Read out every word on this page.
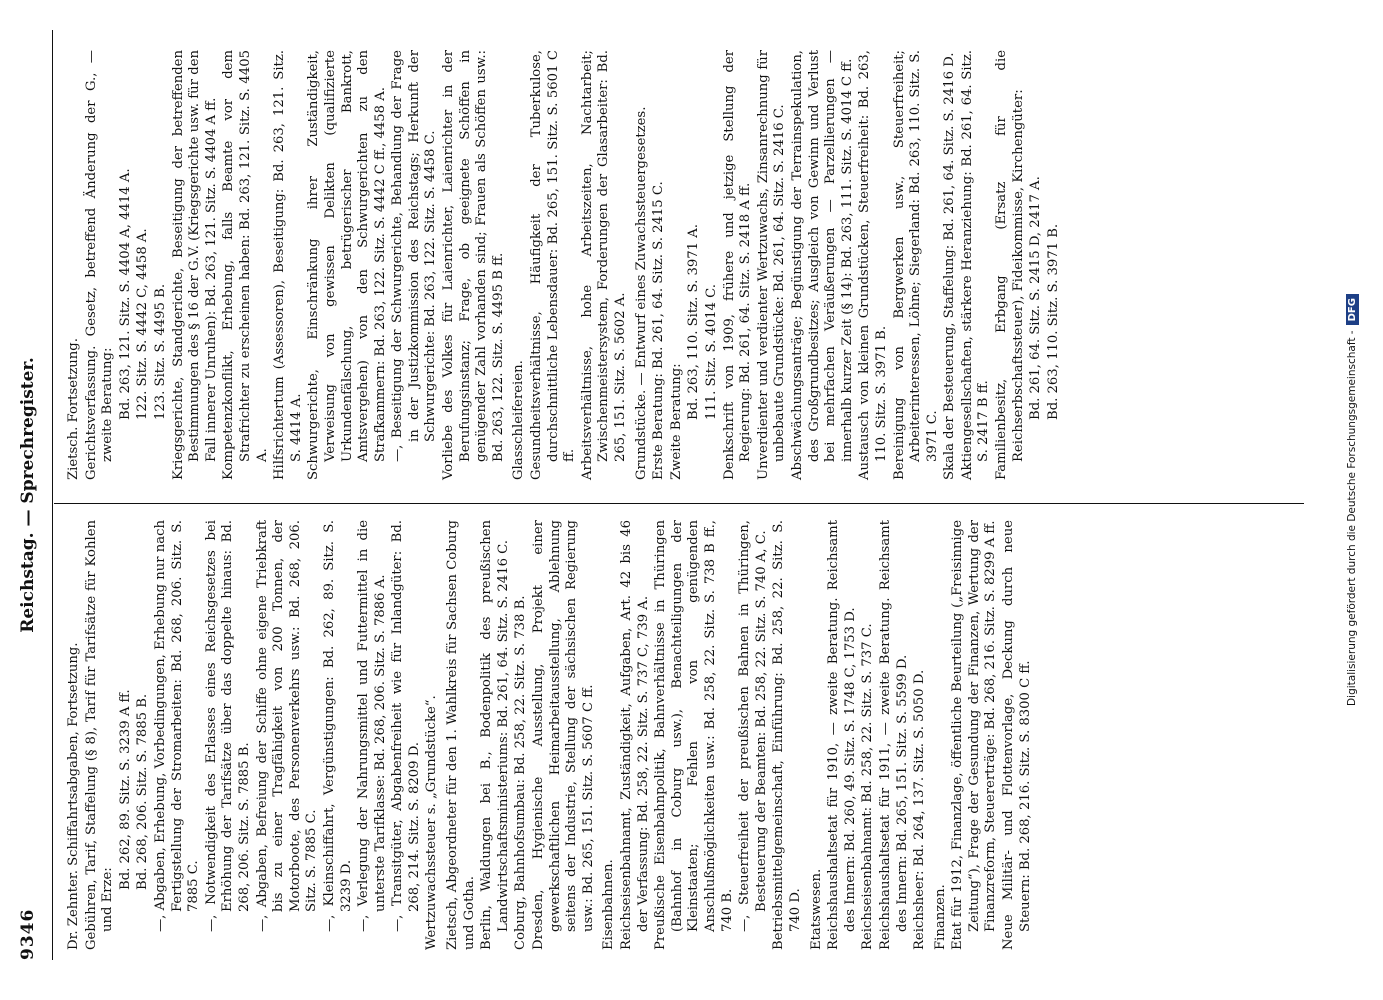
9346
Reichstag. — Sprechregister.

Dr. Zehnter. Schiffahrtsabgaben, Fortsetzung. Gebühren, Tarif, Staffelung (§ 8), Tarif für Tarifsätze für Kohlen und Erze:

Bd. 262, 89. Sitz. S. 3239 A ff. Bd. 268, 206. Sitz. S. 7885 B. —, Abgaben, Erhebung, Vorbedingungen, Erhebung nur nach Fertigstellung der Stromarbeiten: Bd. 268, 206. Sitz. S. 7885 C. —, Notwendigkeit des Erlasses eines Reichsgesetzes bei Erhöhung der Tarifsätze über das doppelte hinaus: Bd. 268, 206. Sitz. S. 7885 B. —, Abgaben, Befreiung der Schiffe ohne eigene Triebkraft bis zu einer Tragfähigkeit von 200 Tonnen, der Motorboote, des Personenverkehrs usw.: Bd. 268, 206. Sitz. S. 7885 C. —, Kleinschiffahrt, Vergünstigungen: Bd. 262, 89. Sitz. S. 3239 D. —, Verlegung der Nahrungsmittel und Futtermittel in die unterste Tarifklasse: Bd. 268, 206. Sitz. S. 7886 A. —, Transitgüter, Abgabenfreiheit wie für Inlandgüter: Bd. 268, 214. Sitz. S. 8209 D. Wertzuwachssteuer s. „Grundstücke“. Zietsch, Abgeordneter für den 1. Wahlkreis für Sachsen Coburg und Gotha. Berlin, Waldungen bei B., Bodenpolitik des preußischen Landwirtschaftsministeriums: Bd. 261, 64. Sitz. S. 2416 C. Coburg, Bahnhofsumbau: Bd. 258, 22. Sitz. S. 738 B. Dresden, Hygienische Ausstellung, Projekt einer gewerkschaftlichen Heimarbeitausstellung, Ablehnung seitens der Industrie, Stellung der sächsischen Regierung usw.: Bd. 265, 151. Sitz. S. 5607 C ff. Eisenbahnen. Reichseisenbahnamt, Zuständigkeit, Aufgaben, Art. 42 bis 46 der Verfassung: Bd. 258, 22. Sitz. S. 737 C, 739 A. Preußische Eisenbahnpolitik, Bahnverhältnisse in Thüringen (Bahnhof in Coburg usw.), Benachteiligungen der Kleinstaaten; Fehlen von genügenden Anschlußmöglichkeiten usw.: Bd. 258, 22. Sitz. S. 738 B ff., 740 B. —, Steuerfreiheit der preußischen Bahnen in Thüringen, Besteuerung der Beamten: Bd. 258, 22. Sitz. S. 740 A, C. Betriebsmittelgemeinschaft, Einführung: Bd. 258, 22. Sitz. S. 740 D. Etatswesen. Reichshaushaltsetat für 1910, — zweite Beratung. Reichsamt des Innern: Bd. 260, 49. Sitz. S. 1748 C, 1753 D. Reichseisenbahnamt: Bd. 258, 22. Sitz. S. 737 C. Reichshaushaltsetat für 1911, — zweite Beratung. Reichsamt des Innern: Bd. 265, 151. Sitz. S. 5599 D. Reichsheer: Bd. 264, 137. Sitz. S. 5050 D. Finanzen. Etat für 1912, Finanzlage, öffentliche Beurteilung („Freisinnige Zeitung“), Frage der Gesundung der Finanzen, Wertung der Finanzreform, Steuererträge: Bd. 268, 216. Sitz. S. 8299 A ff. Neue Militär- und Flottenvorlage, Deckung durch neue Steuern: Bd. 268, 216. Sitz. S. 8300 C ff.

Zietsch. Fortsetzung. Gerichtsverfassung. Gesetz, betreffend Änderung der G., — zweite Beratung: Bd. 263, 121. Sitz. S. 4404 A, 4414 A. 122. Sitz. S. 4442 C, 4458 A. 123. Sitz. S. 4495 B. Kriegsgerichte, Standgerichte, Beseitigung der betreffenden Bestimmungen des § 16 der G.V. (Kriegsgerichte usw. für den Fall innerer Unruhen): Bd. 263, 121. Sitz. S. 4404 A ff. Kompetenzkonflikt, Erhebung, falls Beamte vor dem Strafrichter zu erscheinen haben: Bd. 263, 121. Sitz. S. 4405 A. Hilfsrichtertum (Assessoren), Beseitigung: Bd. 263, 121. Sitz. S. 4414 A. Schwurgerichte, Einschränkung ihrer Zuständigkeit, Verweisung von gewissen Delikten (qualifizierte Urkundenfälschung, betrügerischer Bankrott, Amtsvergehen) von den Schwurgerichten zu den Strafkammern: Bd. 263, 122. Sitz. S. 4442 C ff., 4458 A. —, Beseitigung der Schwurgerichte, Behandlung der Frage in der Justizkommission des Reichstags; Herkunft der Schwurgerichte: Bd. 263, 122. Sitz. S. 4458 C. Vorliebe des Volkes für Laienrichter, Laienrichter in der Berufungsinstanz; Frage, ob geeignete Schöffen in genügender Zahl vorhanden sind; Frauen als Schöffen usw.: Bd. 263, 122. Sitz. S. 4495 B ff. Glasschleifereien. Gesundheitsverhältnisse, Häufigkeit der Tuberkulose, durchschnittliche Lebensdauer: Bd. 265, 151. Sitz. S. 5601 C ff. Arbeitsverhältnisse, hohe Arbeitszeiten, Nachtarbeit; Zwischenmeistersystem, Forderungen der Glasarbeiter: Bd. 265, 151. Sitz. S. 5602 A. Grundstücke. — Entwurf eines Zuwachssteuergesetzes. Erste Beratung: Bd. 261, 64. Sitz. S. 2415 C. Zweite Beratung:

Bd. 263, 110. Sitz. S. 3971 A. 111. Sitz. S. 4014 C. Denkschrift von 1909, frühere und jetzige Stellung der Regierung: Bd. 261, 64. Sitz. S. 2418 A ff. Unverdienter und verdienter Wertzuwachs, Zinsanrechnung für unbebaute Grundstücke: Bd. 261, 64. Sitz. S. 2416 C. Abschwächungsanträge; Begünstigung der Terrainspekulation, des Großgrundbesitzes; Ausgleich von Gewinn und Verlust bei mehrfachen Veräußerungen — Parzellierungen — innerhalb kurzer Zeit (§ 14): Bd. 263, 111. Sitz. S. 4014 C ff. Austausch von kleinen Grundstücken, Steuerfreiheit: Bd. 263, 110. Sitz. S. 3971 B. Bereinigung von Bergwerken usw., Steuerfreiheit; Arbeiterinteressen, Löhne; Siegerland: Bd. 263, 110. Sitz. S. 3971 C. Skala der Besteuerung, Staffelung: Bd. 261, 64. Sitz. S. 2416 D. Aktiengesellschaften, stärkere Heranziehung: Bd. 261, 64. Sitz. S. 2417 B ff. Familienbesitz, Erbgang (Ersatz für die Reichserbschaftssteuer), Fideikommisse, Kirchengüter: Bd. 261, 64. Sitz. S. 2415 D, 2417 A. Bd. 263, 110. Sitz. S. 3971 B.

Digitalisierung gefördert durch die Deutsche Forschungsgemeinschaft -DFG
